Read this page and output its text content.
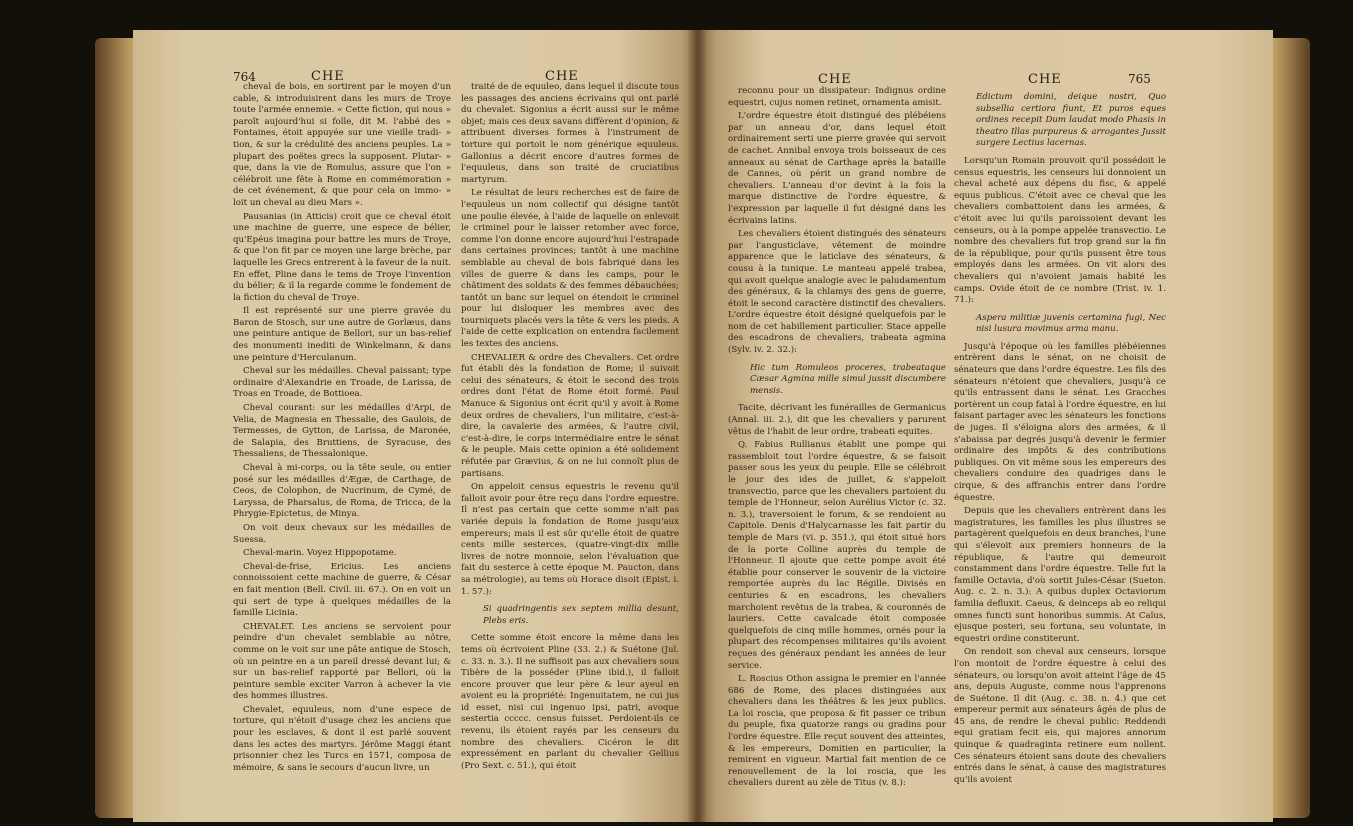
764	CHE	CHE

cheval de bois, en sortirent par le moyen d'un cable, & introduisirent dans les murs de Troye toute l'armée ennemie. « Cette fiction, qui nous » paroît aujourd'hui si folle, dit M. l'abbé des » Fontaines, étoit appuyée sur une vieille tradi- » tion, & sur la crédulité des anciens peuples. La » plupart des poëtes grecs la supposent. Plutar- » que, dans la vie de Romulus, assure que l'on » célébroit une fête à Rome en commémoration » de cet événement, & que pour cela on immo- » loit un cheval au dieu Mars ».

Pausanias (in Atticis) croit que ce cheval étoit une machine de guerre, une espece de bélier, qu'Epéus imagina pour battre les murs de Troye, & que l'on fit par ce moyen une large brèche, par laquelle les Grecs entrerent à la faveur de la nuit. En effet, Pline dans le tems de Troye l'invention du bélier; & il la regarde comme le fondement de la fiction du cheval de Troye.

Il est représenté sur une pierre gravée du Baron de Stosch, sur une autre de Gorlæus, dans une peinture antique de Bellori, sur un bas-relief des monumenti inediti de Winkelmann, & dans une peinture d'Herculanum.

Cheval sur les médailles. Cheval paissant; type ordinaire d'Alexandrie en Troade, de Larissa, de Troas en Troade, de Bottioea.

Cheval courant: sur les médailles d'Arpi, de Velia, de Magnesia en Thessalie, des Gaulois, de Termesses, de Gytton, de Larissa, de Maronée, de Salapia, des Bruttiens, de Syracuse, des Thessaliens, de Thessalonique.

Cheval à mi-corps, ou la tête seule, ou entier posé sur les médailles d'Ægæ, de Carthage, de Ceos, de Colophon, de Nucrinum, de Cymé, de Laryssa, de Pharsalus, de Roma, de Tricca, de la Phrygie-Epictetus, de Minya.

On voit deux chevaux sur les médailles de Suessa.

Cheval-marin. Voyez Hippopotame.

Cheval-de-frise, Ericius. Les anciens connoissoient cette machine de guerre, & César en fait mention (Bell. Civil. iii. 67.). On en voit un qui sert de type à quelques médailles de la famille Licinia.

CHEVALET. Les anciens se servoient pour peindre d'un chevalet semblable au nôtre, comme on le voit sur une pâte antique de Stosch, où un peintre en a un pareil dressé devant lui; & sur un bas-relief rapporté par Bellori, où la peinture semble exciter Varron à achever la vie des hommes illustres.

Chevalet, equuleus, nom d'une espece de torture, qui n'étoit d'usage chez les anciens que pour les esclaves, & dont il est parlé souvent dans les actes des martyrs. Jérôme Maggi étant prisonnier chez les Turcs en 1571, composa de mémoire, & sans le secours d'aucun livre, un

traité de de equuleo, dans lequel il discute tous les passages des anciens écrivains qui ont parlé du chevalet. Sigonius a écrit aussi sur le même objet; mais ces deux savans diffèrent d'opinion, & attribuent diverses formes à l'instrument de torture qui portoit le nom générique equuleus. Gallonius a décrit encore d'autres formes de l'equuleus, dans son traité de cruciatibus martyrum.

Le résultat de leurs recherches est de faire de l'equuleus un nom collectif qui désigne tantôt une poulie élevée, à l'aide de laquelle on enlevoit le criminel pour le laisser retomber avec force, comme l'on donne encore aujourd'hui l'estrapade dans certaines provinces; tantôt à une machine semblable au cheval de bois fabriqué dans les villes de guerre & dans les camps, pour le châtiment des soldats & des femmes débauchées; tantôt un banc sur lequel on étendoit le criminel pour lui disloquer les membres avec des tourniquets placés vers la tête & vers les pieds. A l'aide de cette explication on entendra facilement les textes des anciens.

CHEVALIER & ordre des Chevaliers. Cet ordre fut établi dès la fondation de Rome; il suivoit celui des sénateurs, & étoit le second des trois ordres dont l'état de Rome étoit formé. Paul Manuce & Sigonius ont écrit qu'il y avoit à Rome deux ordres de chevaliers, l'un militaire, c'est-à-dire, la cavalerie des armées, & l'autre civil, c'est-à-dire, le corps intermédiaire entre le sénat & le peuple. Mais cette opinion a été solidement réfutée par Grævius, & on ne lui connoît plus de partisans.

On appeloit census equestris le revenu qu'il falloit avoir pour être reçu dans l'ordre equestre. Il n'est pas certain que cette somme n'ait pas variée depuis la fondation de Rome jusqu'aux empereurs; mais il est sûr qu'elle étoit de quatre cents mille sesterces, (quatre-vingt-dix mille livres de notre monnoie, selon l'évaluation que fait du sesterce à cette époque M. Paucton, dans sa métrologie), au tems où Horace disoit (Epist. i. 1. 57.):

Si quadringentis sex septem millia desunt, Plebs eris.

Cette somme étoit encore la même dans les tems où écrivoient Pline (33. 2.) & Suétone (Jul. c. 33. n. 3.). Il ne suffisoit pas aux chevaliers sous Tibère de la posséder (Pline ibid.), il falloit encore prouver que leur père & leur ayeul en avoient eu la propriété: Ingenuitatem, ne cui jus id esset, nisi cui ingenuo ipsi, patri, avoque sestertia ccccc. census fuisset. Perdoient-ils ce revenu, ils étoient rayés par les censeurs du nombre des chevaliers. Cicéron le dit expressément en parlant du chevalier Gellius (Pro Sext. c. 51.), qui étoit

CHE	CHE	765

reconnu pour un dissipateur: Indignus ordine equestri, cujus nomen retinet, ornamenta amisit.

L'ordre équestre étoit distingué des plébéiens par un anneau d'or, dans lequel étoit ordinairement serti une pierre gravée qui servoit de cachet. Annibal envoya trois boisseaux de ces anneaux au sénat de Carthage après la bataille de Cannes, où périt un grand nombre de chevaliers. L'anneau d'or devint à la fois la marque distinctive de l'ordre équestre, & l'expression par laquelle il fut désigné dans les écrivains latins.

Les chevaliers étoient distingués des sénateurs par l'angusticlave, vêtement de moindre apparence que le laticlave des sénateurs, & cousu à la tunique. Le manteau appelé trabea, qui avoit quelque analogie avec le paludamentum des généraux, & la chlamys des gens de guerre, étoit le second caractère distinctif des chevaliers. L'ordre équestre étoit désigné quelquefois par le nom de cet habillement particulier. Stace appelle des escadrons de chevaliers, trabeata agmina (Sylv. iv. 2. 32.):

Hic tum Romuleos proceres, trabeataque Cæsar Agmina mille simul jussit discumbere mensis.

Tacite, décrivant les funérailles de Germanicus (Annal. iii. 2.), dit que les chevaliers y parurent vêtus de l'habit de leur ordre, trabeati equites.

Q. Fabius Rullianus établit une pompe qui rassembloit tout l'ordre équestre, & se faisoit passer sous les yeux du peuple. Elle se célébroit le jour des ides de juillet, & s'appeloit transvectio, parce que les chevaliers partoient du temple de l'Honneur, selon Aurélius Victor (c. 32. n. 3.), traversoient le forum, & se rendoient au Capitole. Denis d'Halycarnasse les fait partir du temple de Mars (vi. p. 351.), qui étoit situé hors de la porte Colline auprès du temple de l'Honneur. Il ajoute que cette pompe avoit été établie pour conserver le souvenir de la victoire remportée auprès du lac Régille. Divisés en centuries & en escadrons, les chevaliers marchoient revêtus de la trabea, & couronnés de lauriers. Cette cavalcade étoit composée quelquefois de cinq mille hommes, ornés pour la plupart des récompenses militaires qu'ils avoient reçues des généraux pendant les années de leur service.

L. Roscius Othon assigna le premier en l'année 686 de Rome, des places distinguées aux chevaliers dans les théâtres & les jeux publics. La loi roscia, que proposa & fit passer ce tribun du peuple, fixa quatorze rangs ou gradins pour l'ordre équestre. Elle reçut souvent des atteintes, & les empereurs, Domitien en particulier, la remirent en vigueur. Martial fait mention de ce renouvellement de la loi roscia, que les chevaliers durent au zèle de Titus (v. 8.):

Edictum domini, deique nostri, Quo subsellia certiora fiunt, Et puros eques ordines recepit Dum laudat modo Phasis in theatro Illas purpureus & arrogantes Jussit surgere Lectius lacernas.

Lorsqu'un Romain prouvoit qu'il possédoit le census equestris, les censeurs lui donnoient un cheval acheté aux dépens du fisc, & appelé equus publicus. C'étoit avec ce cheval que les chevaliers combattoient dans les armées, & c'étoit avec lui qu'ils paroissoient devant les censeurs, ou à la pompe appelée transvectio. Le nombre des chevaliers fut trop grand sur la fin de la république, pour qu'ils pussent être tous employés dans les armées. On vit alors des chevaliers qui n'avoient jamais habité les camps. Ovide étoit de ce nombre (Trist. iv. 1. 71.):

Aspera militiæ juvenis certamina fugi, Nec nisi lusura movimus arma manu.

Jusqu'à l'époque où les familles plébéiennes entrèrent dans le sénat, on ne choisit de sénateurs que dans l'ordre équestre. Les fils des sénateurs n'étoient que chevaliers, jusqu'à ce qu'ils entrassent dans le sénat. Les Gracches portèrent un coup fatal à l'ordre équestre, en lui faisant partager avec les sénateurs les fonctions de juges. Il s'éloigna alors des armées, & il s'abaissa par degrés jusqu'à devenir le fermier ordinaire des impôts & des contributions publiques. On vit même sous les empereurs des chevaliers conduire des quadriges dans le cirque, & des affranchis entrer dans l'ordre équestre.

Depuis que les chevaliers entrèrent dans les magistratures, les familles les plus illustres se partagèrent quelquefois en deux branches, l'une qui s'élevoit aux premiers honneurs de la république, & l'autre qui demeuroit constamment dans l'ordre équestre. Telle fut la famille Octavia, d'où sortit Jules-César (Sueton. Aug. c. 2. n. 3.): A quibus duplex Octaviorum familia defluxit. Caeus, & deinceps ab eo reliqui omnes functi sunt honoribus summis. At Caïus, ejusque posteri, seu fortuna, seu voluntate, in equestri ordine constiterunt.

On rendoit son cheval aux censeurs, lorsque l'on montoit de l'ordre équestre à celui des sénateurs, ou lorsqu'on avoit atteint l'âge de 45 ans, depuis Auguste, comme nous l'apprenons de Suétone. Il dit (Aug. c. 38. n. 4.) que cet empereur permit aux sénateurs âgés de plus de 45 ans, de rendre le cheval public: Reddendi equi gratiam fecit eis, qui majores annorum quinque & quadraginta retinere eum nollent. Ces sénateurs étoient sans doute des chevaliers entrés dans le sénat, à cause des magistratures qu'ils avoient
